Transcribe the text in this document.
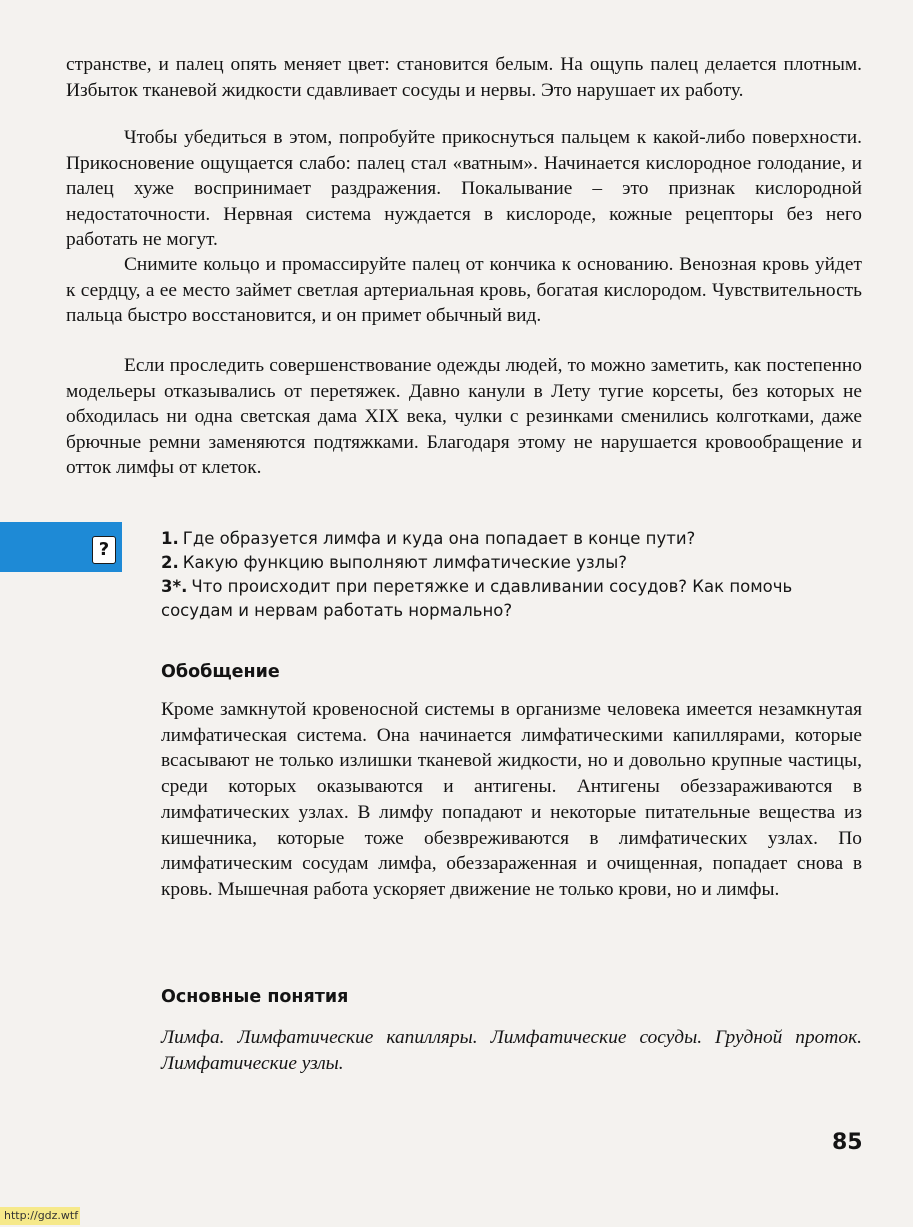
странстве, и палец опять меняет цвет: становится белым. На ощупь палец делается плотным. Избыток тканевой жидкости сдавливает сосуды и нервы. Это нарушает их работу.

Чтобы убедиться в этом, попробуйте прикоснуться пальцем к какой-либо поверхности. Прикосновение ощущается слабо: палец стал «ватным». Начинается кислородное голодание, и палец хуже воспринимает раздражения. Покалывание – это признак кислородной недостаточности. Нервная система нуждается в кислороде, кожные рецепторы без него работать не могут.

Снимите кольцо и промассируйте палец от кончика к основанию. Венозная кровь уйдет к сердцу, а ее место займет светлая артериальная кровь, богатая кислородом. Чувствительность пальца быстро восстановится, и он примет обычный вид.

Если проследить совершенствование одежды людей, то можно заметить, как постепенно модельеры отказывались от перетяжек. Давно канули в Лету тугие корсеты, без которых не обходилась ни одна светская дама XIX века, чулки с резинками сменились колготками, даже брючные ремни заменяются подтяжками. Благодаря этому не нарушается кровообращение и отток лимфы от клеток.

?

1. Где образуется лимфа и куда она попадает в конце пути?

2. Какую функцию выполняют лимфатические узлы?

3*. Что происходит при перетяжке и сдавливании сосудов? Как помочь сосудам и нервам работать нормально?

Обобщение

Кроме замкнутой кровеносной системы в организме человека имеется незамкнутая лимфатическая система. Она начинается лимфатическими капиллярами, которые всасывают не только излишки тканевой жидкости, но и довольно крупные частицы, среди которых оказываются и антигены. Антигены обеззараживаются в лимфатических узлах. В лимфу попадают и некоторые питательные вещества из кишечника, которые тоже обезвреживаются в лимфатических узлах. По лимфатическим сосудам лимфа, обеззараженная и очищенная, попадает снова в кровь. Мышечная работа ускоряет движение не только крови, но и лимфы.

Основные понятия

Лимфа. Лимфатические капилляры. Лимфатические сосуды. Грудной проток. Лимфатические узлы.

85
http://gdz.wtf
